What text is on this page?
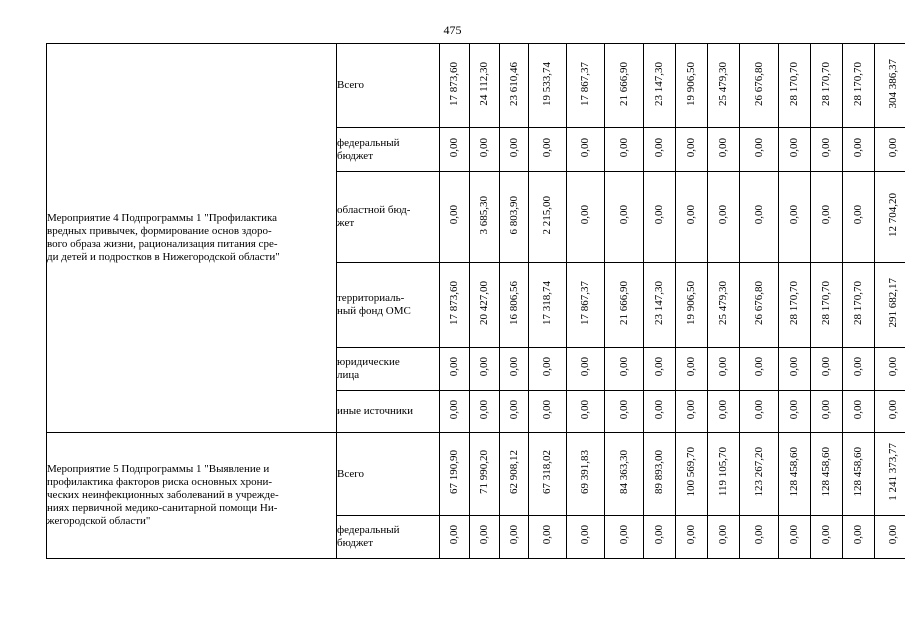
475
Мероприятие 4 Подпрограммы 1 "Профилактика
вредных привычек, формирование основ здоро-
вого образа жизни, рационализация питания сре-
ди детей и подростков в Нижегородской области"	Всего	17 873,60	24 112,30	23 610,46	19 533,74	17 867,37	21 666,90	23 147,30	19 906,50	25 479,30	26 676,80	28 170,70	28 170,70	28 170,70	304 386,37

	федеральный
бюджет	0,00	0,00	0,00	0,00	0,00	0,00	0,00	0,00	0,00	0,00	0,00	0,00	0,00	0,00

	областной бюд-
жет	0,00	3 685,30	6 803,90	2 215,00	0,00	0,00	0,00	0,00	0,00	0,00	0,00	0,00	0,00	12 704,20

	территориаль-
ный фонд ОМС	17 873,60	20 427,00	16 806,56	17 318,74	17 867,37	21 666,90	23 147,30	19 906,50	25 479,30	26 676,80	28 170,70	28 170,70	28 170,70	291 682,17

	юридические
лица	0,00	0,00	0,00	0,00	0,00	0,00	0,00	0,00	0,00	0,00	0,00	0,00	0,00	0,00

	иные источники	0,00	0,00	0,00	0,00	0,00	0,00	0,00	0,00	0,00	0,00	0,00	0,00	0,00	0,00

Мероприятие 5 Подпрограммы 1 "Выявление и
профилактика факторов риска основных хрони-
ческих неинфекционных заболеваний в учрежде-
ниях первичной медико-санитарной помощи Ни-
жегородской области"	Всего	67 190,90	71 990,20	62 908,12	67 318,02	69 391,83	84 363,30	89 893,00	100 569,70	119 105,70	123 267,20	128 458,60	128 458,60	128 458,60	1 241 373,77

	федеральный
бюджет	0,00	0,00	0,00	0,00	0,00	0,00	0,00	0,00	0,00	0,00	0,00	0,00	0,00	0,00
